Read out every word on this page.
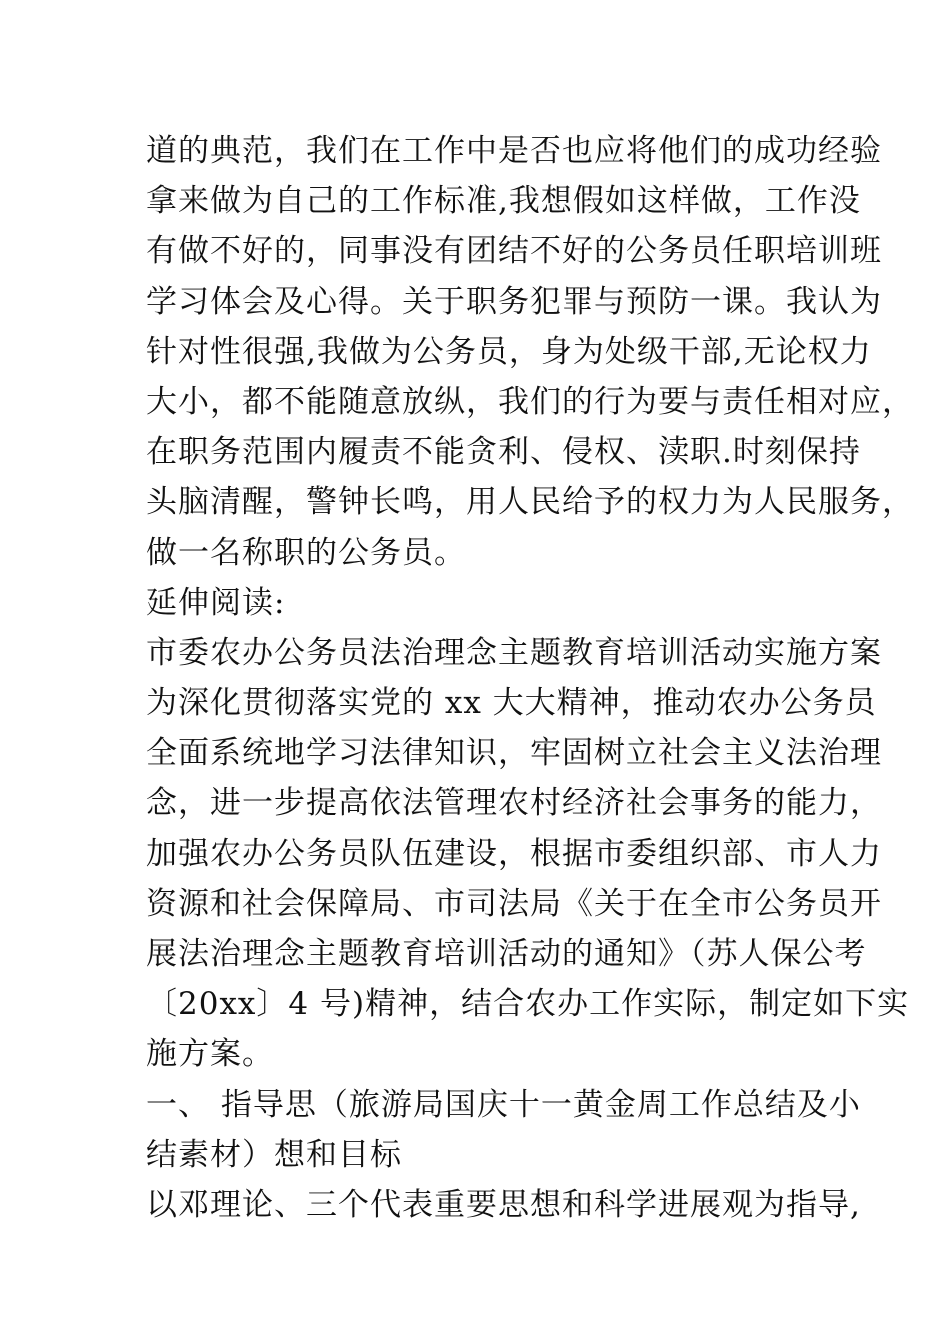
道的典范，我们在工作中是否也应将他们的成功经验
拿来做为自己的工作标准,我想假如这样做，工作没
有做不好的，同事没有团结不好的公务员任职培训班
学习体会及心得。关于职务犯罪与预防一课。我认为
针对性很强,我做为公务员，身为处级干部,无论权力
大小，都不能随意放纵，我们的行为要与责任相对应，
在职务范围内履责不能贪利、侵权、渎职.时刻保持
头脑清醒，警钟长鸣，用人民给予的权力为人民服务，
做一名称职的公务员。
延伸阅读:
市委农办公务员法治理念主题教育培训活动实施方案
为深化贯彻落实党的 xx 大大精神，推动农办公务员
全面系统地学习法律知识，牢固树立社会主义法治理
念，进一步提高依法管理农村经济社会事务的能力，
加强农办公务员队伍建设，根据市委组织部、市人力
资源和社会保障局、市司法局《关于在全市公务员开
展法治理念主题教育培训活动的通知》（苏人保公考
〔20xx〕4 号)精神，结合农办工作实际，制定如下实
施方案。
一、 指导思（旅游局国庆十一黄金周工作总结及小
结素材）想和目标
以邓理论、三个代表重要思想和科学进展观为指导,
